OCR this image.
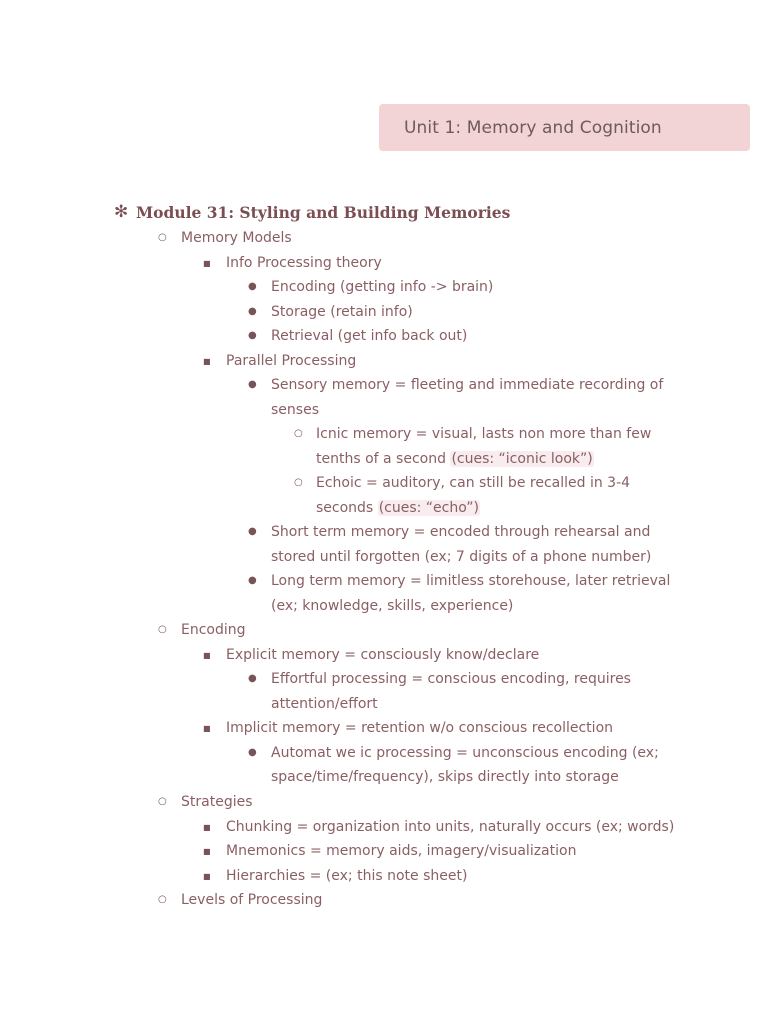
Unit 1: Memory and Cognition
✻ Module 31: Styling and Building Memories
Memory Models
○
Info Processing theory
■
Encoding (getting info -> brain)
●
Storage (retain info)
●
Retrieval (get info back out)
●
Parallel Processing
■
Sensory memory = fleeting and immediate recording of
●
senses
Icnic memory = visual, lasts non more than few
○
tenths of a second (cues: “iconic look”)
Echoic = auditory, can still be recalled in 3-4
○
seconds (cues: “echo”)
Short term memory = encoded through rehearsal and
●
stored until forgotten (ex; 7 digits of a phone number)
Long term memory = limitless storehouse, later retrieval
●
(ex; knowledge, skills, experience)
Encoding
○
Explicit memory = consciously know/declare
■
Effortful processing = conscious encoding, requires
●
attention/effort
Implicit memory = retention w/o conscious recollection
■
Automat we ic processing = unconscious encoding (ex;
●
space/time/frequency), skips directly into storage
Strategies
○
Chunking = organization into units, naturally occurs (ex; words)
■
Mnemonics = memory aids, imagery/visualization
■
Hierarchies = (ex; this note sheet)
■
Levels of Processing
○
